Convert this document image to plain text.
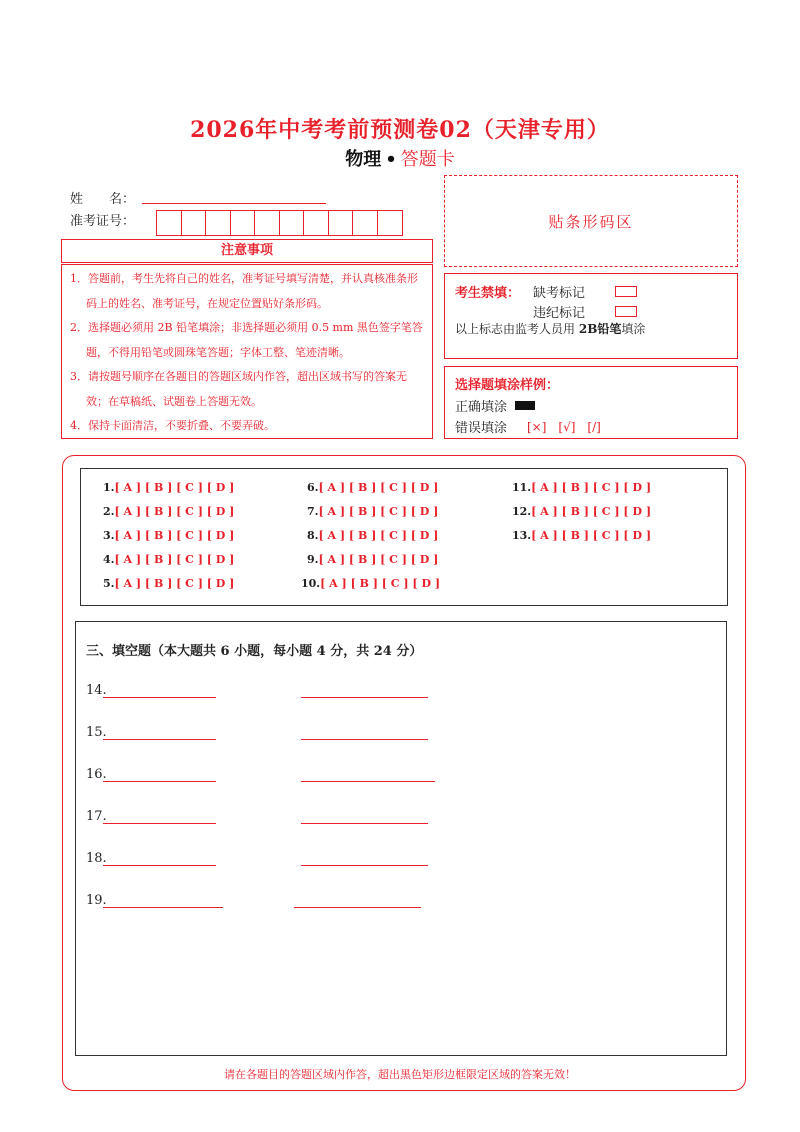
2026年中考考前预测卷02（天津专用）
物理 • 答题卡
姓　　名：
准考证号：	贴条形码区
注意事项
1．答题前，考生先将自己的姓名，准考证号填写清楚，并认真核准条形码上的姓名、准考证号，在规定位置贴好条形码。
2．选择题必须用 2B 铅笔填涂；非选择题必须用 0.5 mm 黑色签字笔答题，不得用铅笔或圆珠笔答题；字体工整、笔迹清晰。
3．请按题号顺序在各题目的答题区域内作答，超出区域书写的答案无效；在草稿纸、试题卷上答题无效。
4．保持卡面清洁，不要折叠、不要弄破。
考生禁填： 缺考标记
违纪标记
以上标志由监考人员用 2B铅笔填涂
选择题填涂样例：
正确填涂
错误填涂 [×]　[√]　[/]
1.[ A ] [ B ] [ C ] [ D ]
2.[ A ] [ B ] [ C ] [ D ]
3.[ A ] [ B ] [ C ] [ D ]
4.[ A ] [ B ] [ C ] [ D ]
5.[ A ] [ B ] [ C ] [ D ]
6.[ A ] [ B ] [ C ] [ D ]
7.[ A ] [ B ] [ C ] [ D ]
8.[ A ] [ B ] [ C ] [ D ]
9.[ A ] [ B ] [ C ] [ D ]
10.[ A ] [ B ] [ C ] [ D ]
11.[ A ] [ B ] [ C ] [ D ]
12.[ A ] [ B ] [ C ] [ D ]
13.[ A ] [ B ] [ C ] [ D ]
三、填空题（本大题共 6 小题，每小题 4 分，共 24 分）
14.
15.
16.
17.
18.
19.
请在各题目的答题区域内作答，超出黑色矩形边框限定区域的答案无效！
